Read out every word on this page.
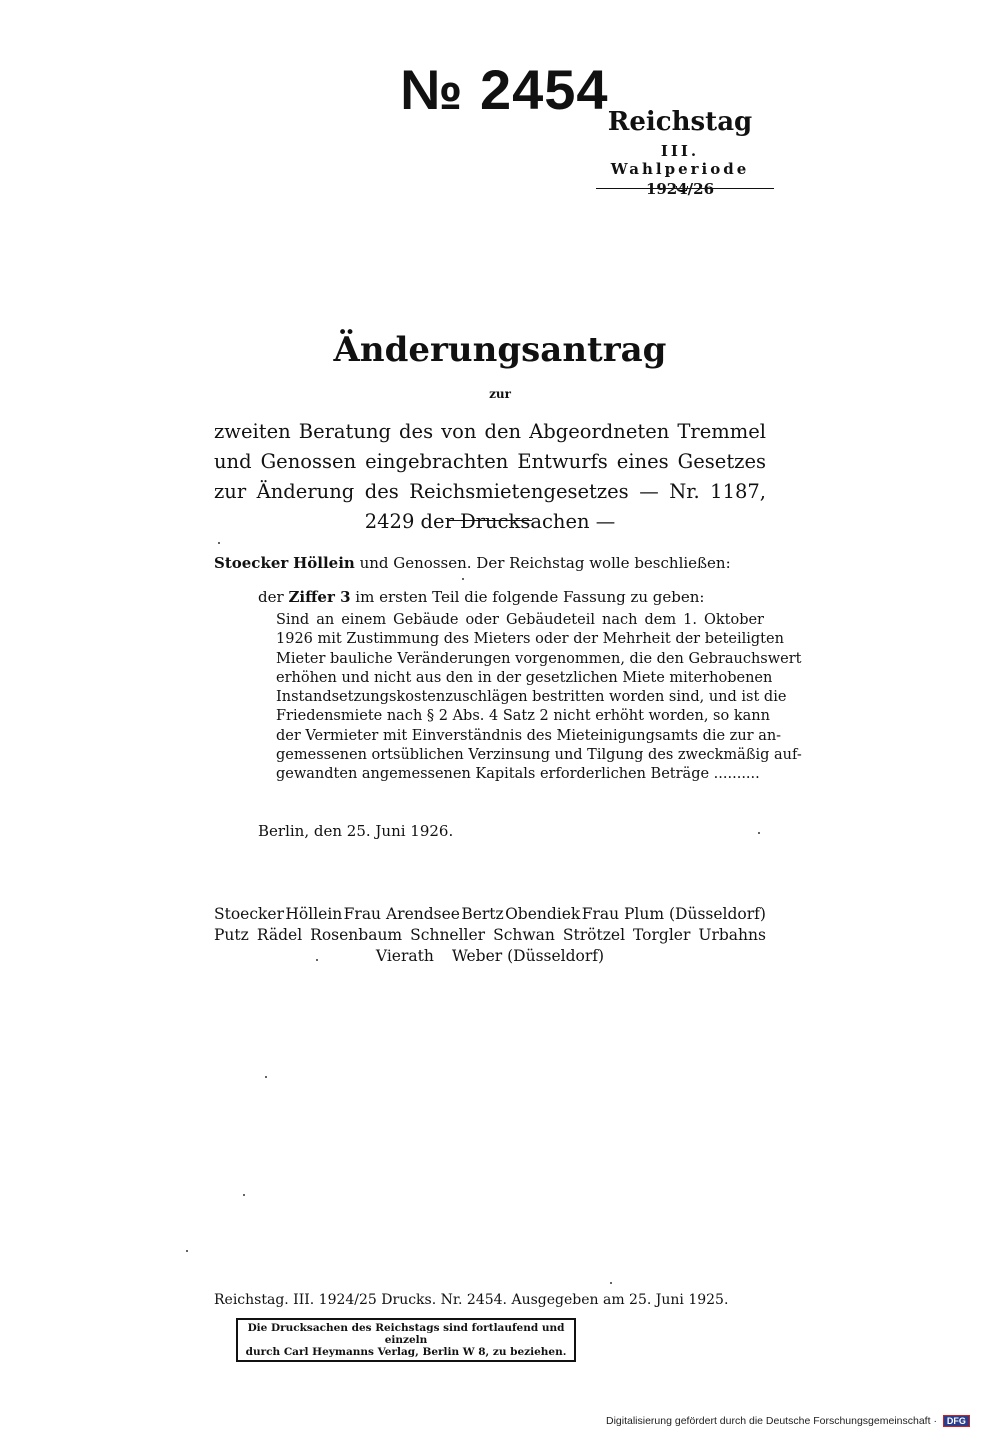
№ 2454
Reichstag
III. Wahlperiode
1924/26
Änderungsantrag
zur
zweiten Beratung des von den Abgeordneten Tremmel und Genossen eingebrachten Entwurfs eines Gesetzes zur Änderung des Reichsmietengesetzes — Nr. 1187, 2429 der Drucksachen —
Stoecker Höllein und Genossen. Der Reichstag wolle beschließen:
der Ziffer 3 im ersten Teil die folgende Fassung zu geben:
Sind an einem Gebäude oder Gebäudeteil nach dem 1. Oktober
1926 mit Zustimmung des Mieters oder der Mehrheit der beteiligten
Mieter bauliche Veränderungen vorgenommen, die den Gebrauchswert
erhöhen und nicht aus den in der gesetzlichen Miete miterhobenen
Instandsetzungskostenzuschlägen bestritten worden sind, und ist die
Friedensmiete nach § 2 Abs. 4 Satz 2 nicht erhöht worden, so kann
der Vermieter mit Einverständnis des Mieteinigungsamts die zur an-
gemessenen ortsüblichen Verzinsung und Tilgung des zweckmäßig auf-
gewandten angemessenen Kapitals erforderlichen Beträge ..........
Berlin, den 25. Juni 1926.
Stoecker Höllein Frau Arendsee Bertz Obendiek Frau Plum (Düsseldorf)
Putz Rädel Rosenbaum Schneller Schwan Strötzel Torgler Urbahns
Vierath Weber (Düsseldorf)
Reichstag. III. 1924/25 Drucks. Nr. 2454. Ausgegeben am 25. Juni 1925.
Die Drucksachen des Reichstags sind fortlaufend und einzeln
durch Carl Heymanns Verlag, Berlin W 8, zu beziehen.
Digitalisierung gefördert durch die Deutsche Forschungsgemeinschaft · DFG
